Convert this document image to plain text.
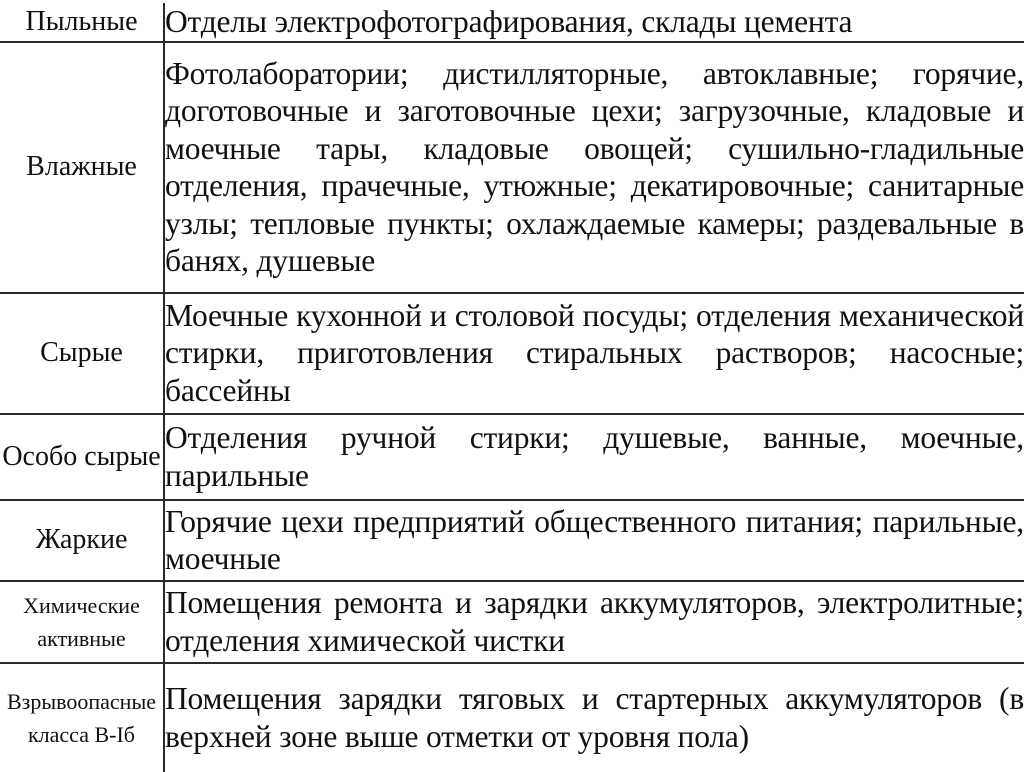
Пыльные	Отделы электрофотографирования, склады цемента
Влажные	Фотолаборатории; дистилляторные, автоклавные; горячие, доготовочные и заготовочные цехи; загрузочные, кладовые и моечные тары, кладовые овощей; сушильно-гладильные отделения, прачечные, утюжные; декатировочные; санитарные узлы; тепловые пункты; охлаждаемые камеры; раздевальные в банях, душевые
Сырые	Моечные кухонной и столовой посуды; отделения механической стирки, приготовления стиральных растворов; насосные; бассейны
Особо сырые	Отделения ручной стирки; душевые, ванные, моечные, парильные
Жаркие	Горячие цехи предприятий общественного питания; парильные, моечные
Химические активные	Помещения ремонта и зарядки аккумуляторов, электролитные; отделения химической чистки
Взрывоопасные класса В-Iб	Помещения зарядки тяговых и стартерных аккумуляторов (в верхней зоне выше отметки от уровня пола)
